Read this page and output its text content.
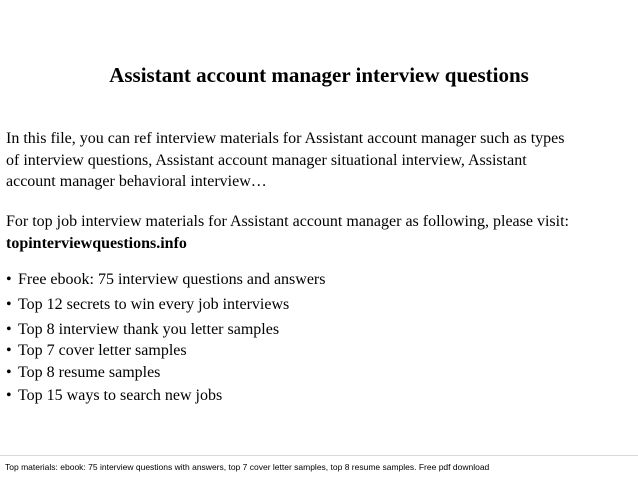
Assistant account manager interview questions

In this file, you can ref interview materials for Assistant account manager such as types

of interview questions, Assistant account manager situational interview, Assistant

account manager behavioral interview…

For top job interview materials for Assistant account manager as following, please visit:

topinterviewquestions.info
• Free ebook: 75 interview questions and answers
• Top 12 secrets to win every job interviews
• Top 8 interview thank you letter samples
• Top 7 cover letter samples
• Top 8 resume samples
• Top 15 ways to search new jobs
Top materials: ebook: 75 interview questions with answers, top 7 cover letter samples, top 8 resume samples. Free pdf download
